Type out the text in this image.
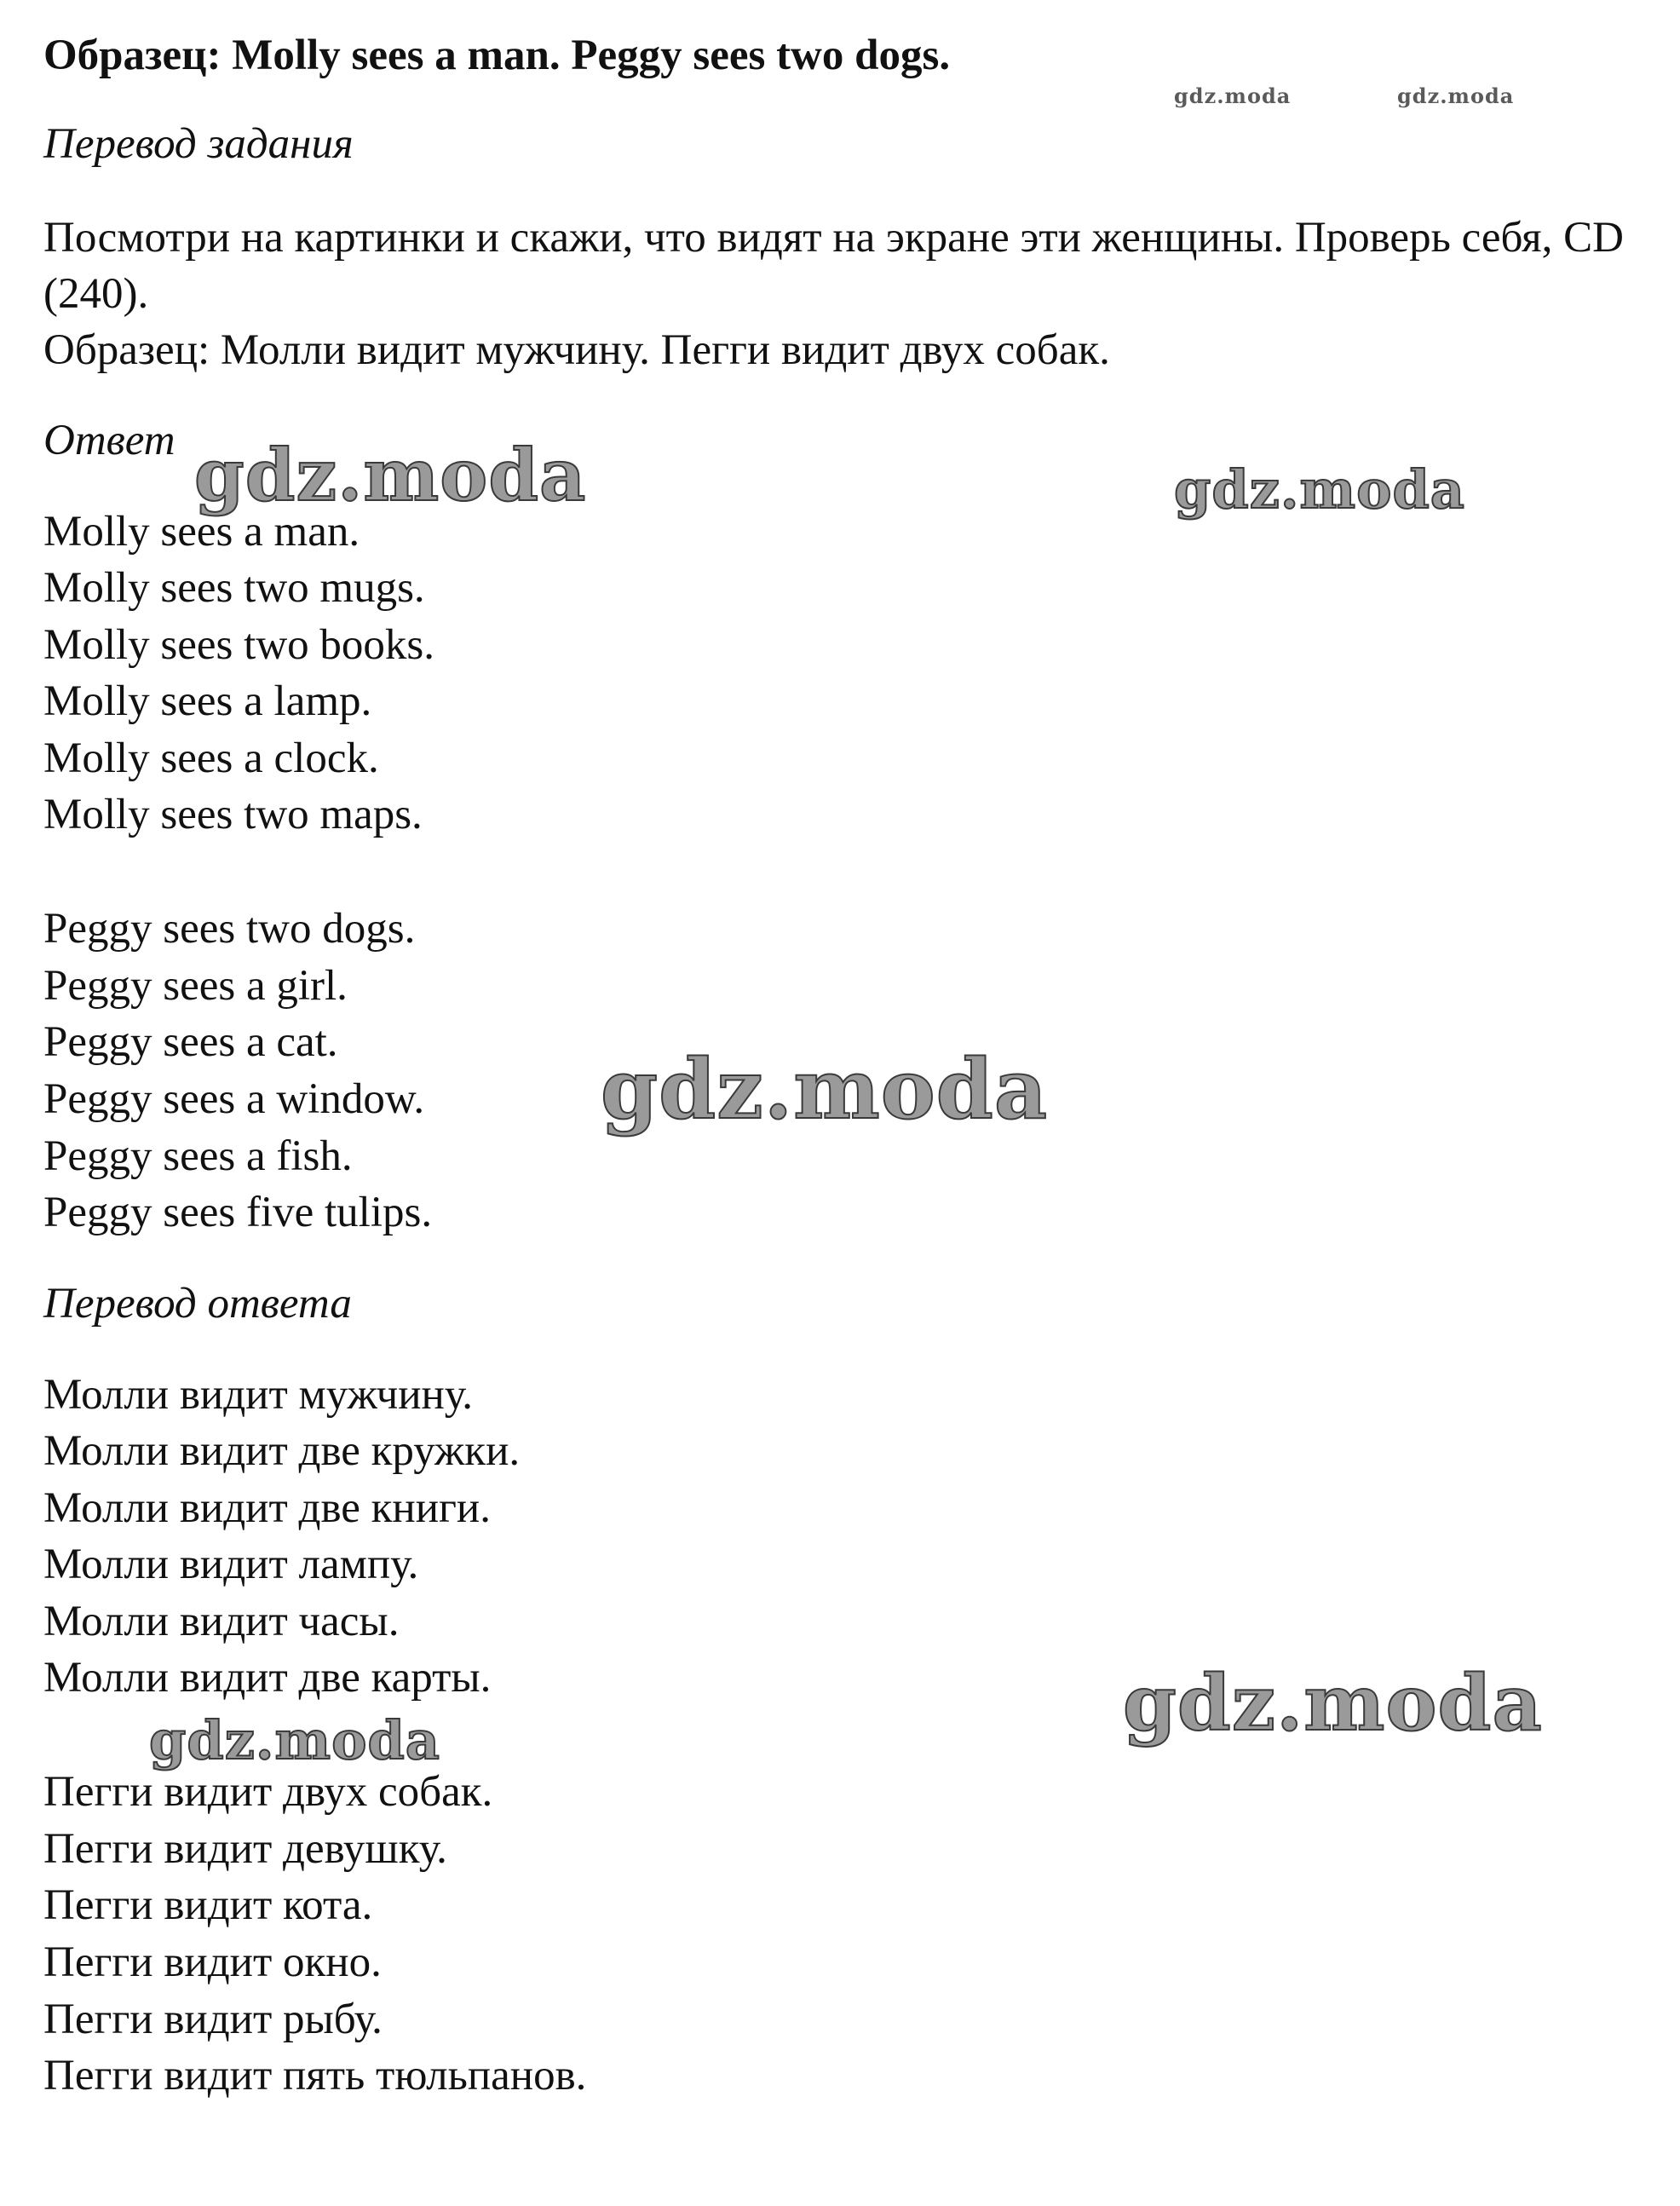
Образец: Molly sees a man. Peggy sees two dogs.
Перевод задания
Посмотри на картинки и скажи, что видят на экране эти женщины. Проверь себя, CD (240).
Образец: Молли видит мужчину. Пегги видит двух собак.
Ответ
Molly sees a man.
Molly sees two mugs.
Molly sees two books.
Molly sees a lamp.
Molly sees a clock.
Molly sees two maps.
Peggy sees two dogs.
Peggy sees a girl.
Peggy sees a cat.
Peggy sees a window.
Peggy sees a fish.
Peggy sees five tulips.
Перевод ответа
Молли видит мужчину.
Молли видит две кружки.
Молли видит две книги.
Молли видит лампу.
Молли видит часы.
Молли видит две карты.
Пегги видит двух собак.
Пегги видит девушку.
Пегги видит кота.
Пегги видит окно.
Пегги видит рыбу.
Пегги видит пять тюльпанов.
gdz.moda	gdz.moda
gdz.moda	gdz.moda
gdz.moda
gdz.moda
gdz.moda
